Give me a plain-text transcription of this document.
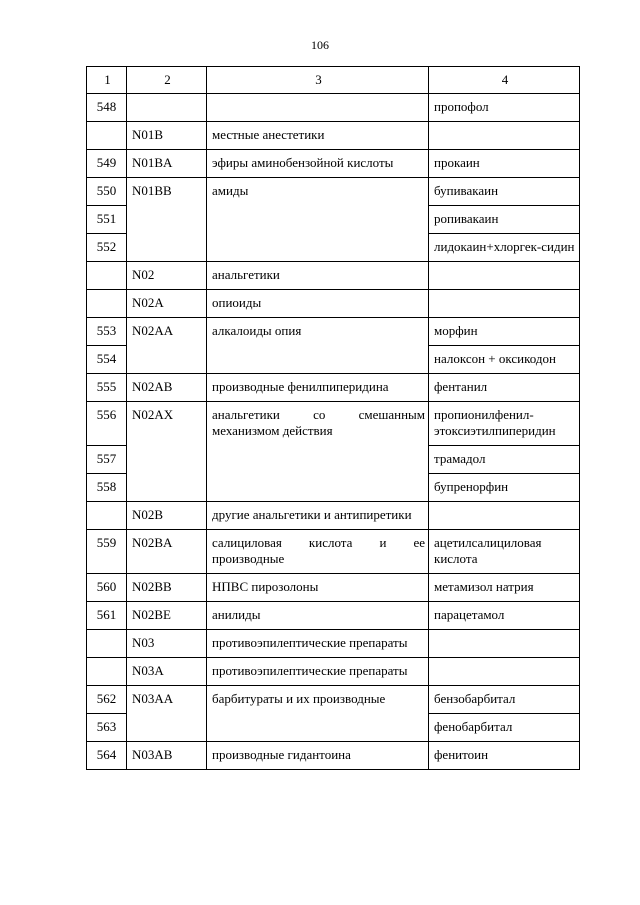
106
1	2	3	4
548			пропофол
	N01B	местные анестетики	
549	N01BA	эфиры аминобензойной кислоты	прокаин
550	N01BB	амиды	бупивакаин
551			ропивакаин
552			лидокаин+хлоргек-сидин
	N02	анальгетики	
	N02A	опиоиды	
553	N02AA	алкалоиды опия	морфин
554			налоксон + оксикодон
555	N02AB	производные фенилпиперидина	фентанил
556	N02AX	анальгетики со смешанным механизмом действия	пропионилфенил-этоксиэтилпиперидин
557			трамадол
558			бупренорфин
	N02B	другие анальгетики и антипиретики	
559	N02BA	салициловая кислота и ее производные	ацетилсалициловая кислота
560	N02BB	НПВС пирозолоны	метамизол натрия
561	N02BE	анилиды	парацетамол
	N03	противоэпилептические препараты	
	N03A	противоэпилептические препараты	
562	N03AA	барбитураты и их производные	бензобарбитал
563			фенобарбитал
564	N03AB	производные гидантоина	фенитоин
